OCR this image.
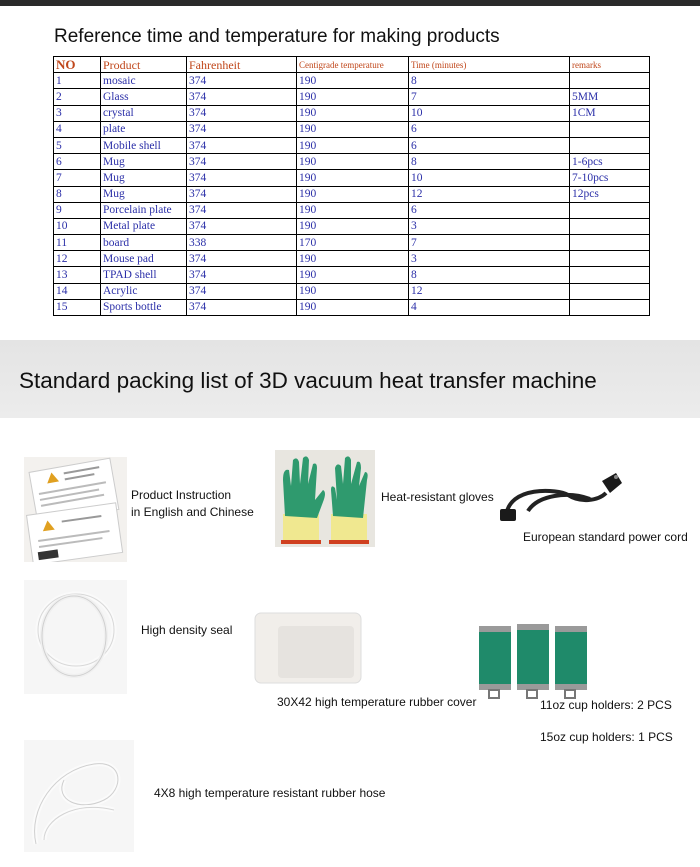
Reference time and temperature for making products
NO	Product	Fahrenheit	Centigrade temperature	Time (minutes)	remarks
1	mosaic	374	190	8	
2	Glass	374	190	7	5MM
3	crystal	374	190	10	1CM
4	plate	374	190	6	
5	Mobile shell	374	190	6	
6	Mug	374	190	8	1-6pcs
7	Mug	374	190	10	7-10pcs
8	Mug	374	190	12	12pcs
9	Porcelain plate	374	190	6	
10	Metal plate	374	190	3	
11	board	338	170	7	
12	Mouse pad	374	190	3	
13	TPAD shell	374	190	8	
14	Acrylic	374	190	12	
15	Sports bottle	374	190	4	
Standard packing list of 3D vacuum heat transfer machine
Product Instruction
in English and Chinese
Heat-resistant gloves
European standard power cord
High density seal
30X42 high temperature rubber cover	11oz cup holders: 2 PCS
15oz cup holders: 1 PCS
4X8 high temperature resistant rubber hose
